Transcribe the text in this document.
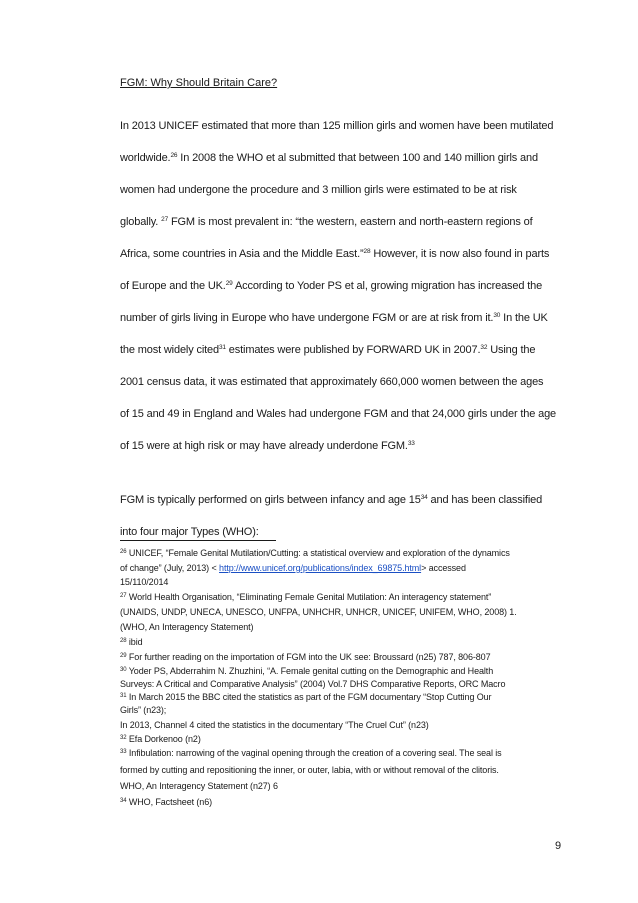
FGM: Why Should Britain Care?
In 2013 UNICEF estimated that more than 125 million girls and women have been mutilated
worldwide.$^{26}$ In 2008 the WHO et al submitted that between 100 and 140 million girls and
women had undergone the procedure and 3 million girls were estimated to be at risk
globally. $^{27}$ FGM is most prevalent in: “the western, eastern and north-eastern regions of
Africa, some countries in Asia and the Middle East.”$^{28}$ However, it is now also found in parts
of Europe and the UK.$^{29}$ According to Yoder PS et al, growing migration has increased the
number of girls living in Europe who have undergone FGM or are at risk from it.$^{30}$ In the UK
the most widely cited$^{31}$ estimates were published by FORWARD UK in 2007.32 Using the
2001 census data, it was estimated that approximately 660,000 women between the ages
of 15 and 49 in England and Wales had undergone FGM and that 24,000 girls under the age
of 15 were at high risk or may have already underdone FGM.$^{33}$
FGM is typically performed on girls between infancy and age $15^{34}$ and has been classified
into four major Types (WHO):
$^{26}$ UNICEF, “Female Genital Mutilation/Cutting: a statistical overview and exploration of the dynamics
of change” (July, 2013) < http://www.unicef.org/publications/index_69875.html> accessed
15/110/2014
$^{27}$ World Health Organisation, “Eliminating Female Genital Mutilation: An interagency statement”
(UNAIDS, UNDP, UNECA, UNESCO, UNFPA, UNHCHR, UNHCR, UNICEF, UNIFEM, WHO, 2008) 1.
(WHO, An Interagency Statement)
$^{28}$ ibid
$^{29}$ For further reading on the importation of FGM into the UK see: Broussard (n25) 787, 806-807
$^{30}$ Yoder PS, Abderrahim N. Zhuzhini, “A. Female genital cutting on the Demographic and Health
Surveys: A Critical and Comparative Analysis” (2004) Vol.7 DHS Comparative Reports, ORC Macro
$^{31}$ In March 2015 the BBC cited the statistics as part of the FGM documentary “Stop Cutting Our
Girls” (n23);
In 2013, Channel 4 cited the statistics in the documentary “The Cruel Cut” (n23)
$^{32}$ Efa Dorkenoo (n2)
$^{33}$ Infibulation: narrowing of the vaginal opening through the creation of a covering seal. The seal is
formed by cutting and repositioning the inner, or outer, labia, with or without removal of the clitoris.
WHO, An Interagency Statement (n27) 6
$^{34}$ WHO, Factsheet (n6)
9
